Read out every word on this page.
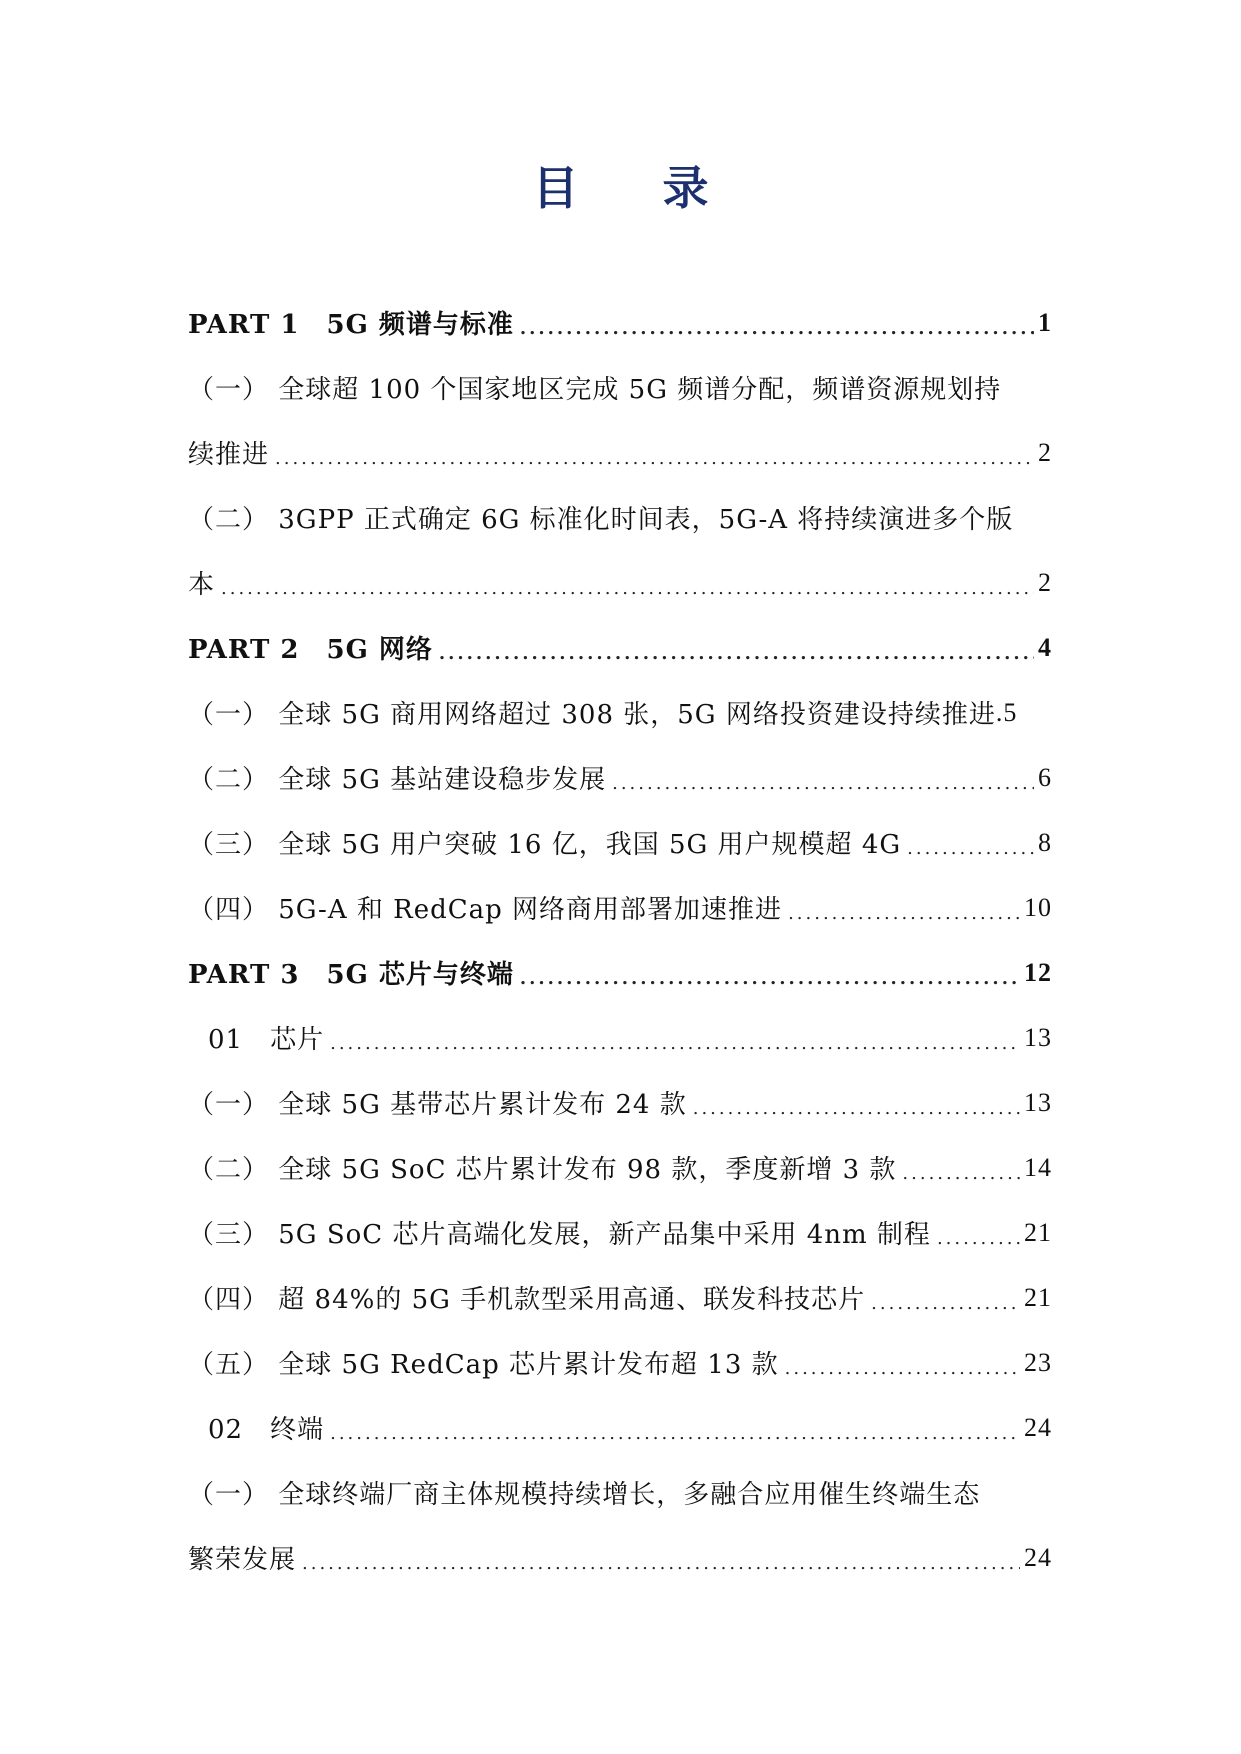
目 录
PART 1　5G 频谱与标准 .....	1
（一） 全球超 100 个国家地区完成 5G 频谱分配，频谱资源规划持
续推进 .....	2
（二） 3GPP 正式确定 6G 标准化时间表，5G-A 将持续演进多个版
本 .....	2
PART 2　5G 网络 .....	4
（一） 全球 5G 商用网络超过 308 张，5G 网络投资建设持续推进 .5
（二） 全球 5G 基站建设稳步发展 .....	6
（三） 全球 5G 用户突破 16 亿，我国 5G 用户规模超 4G .....	8
（四） 5G-A 和 RedCap 网络商用部署加速推进 .....	10
PART 3　5G 芯片与终端 .....	12
01　芯片 .....	13
（一） 全球 5G 基带芯片累计发布 24 款 .....	13
（二） 全球 5G SoC 芯片累计发布 98 款，季度新增 3 款 .....	14
（三） 5G SoC 芯片高端化发展，新产品集中采用 4nm 制程 .....	21
（四） 超 84%的 5G 手机款型采用高通、联发科技芯片 .....	21
（五） 全球 5G RedCap 芯片累计发布超 13 款 .....	23
02　终端 .....	24
（一） 全球终端厂商主体规模持续增长，多融合应用催生终端生态
繁荣发展 .....	24
